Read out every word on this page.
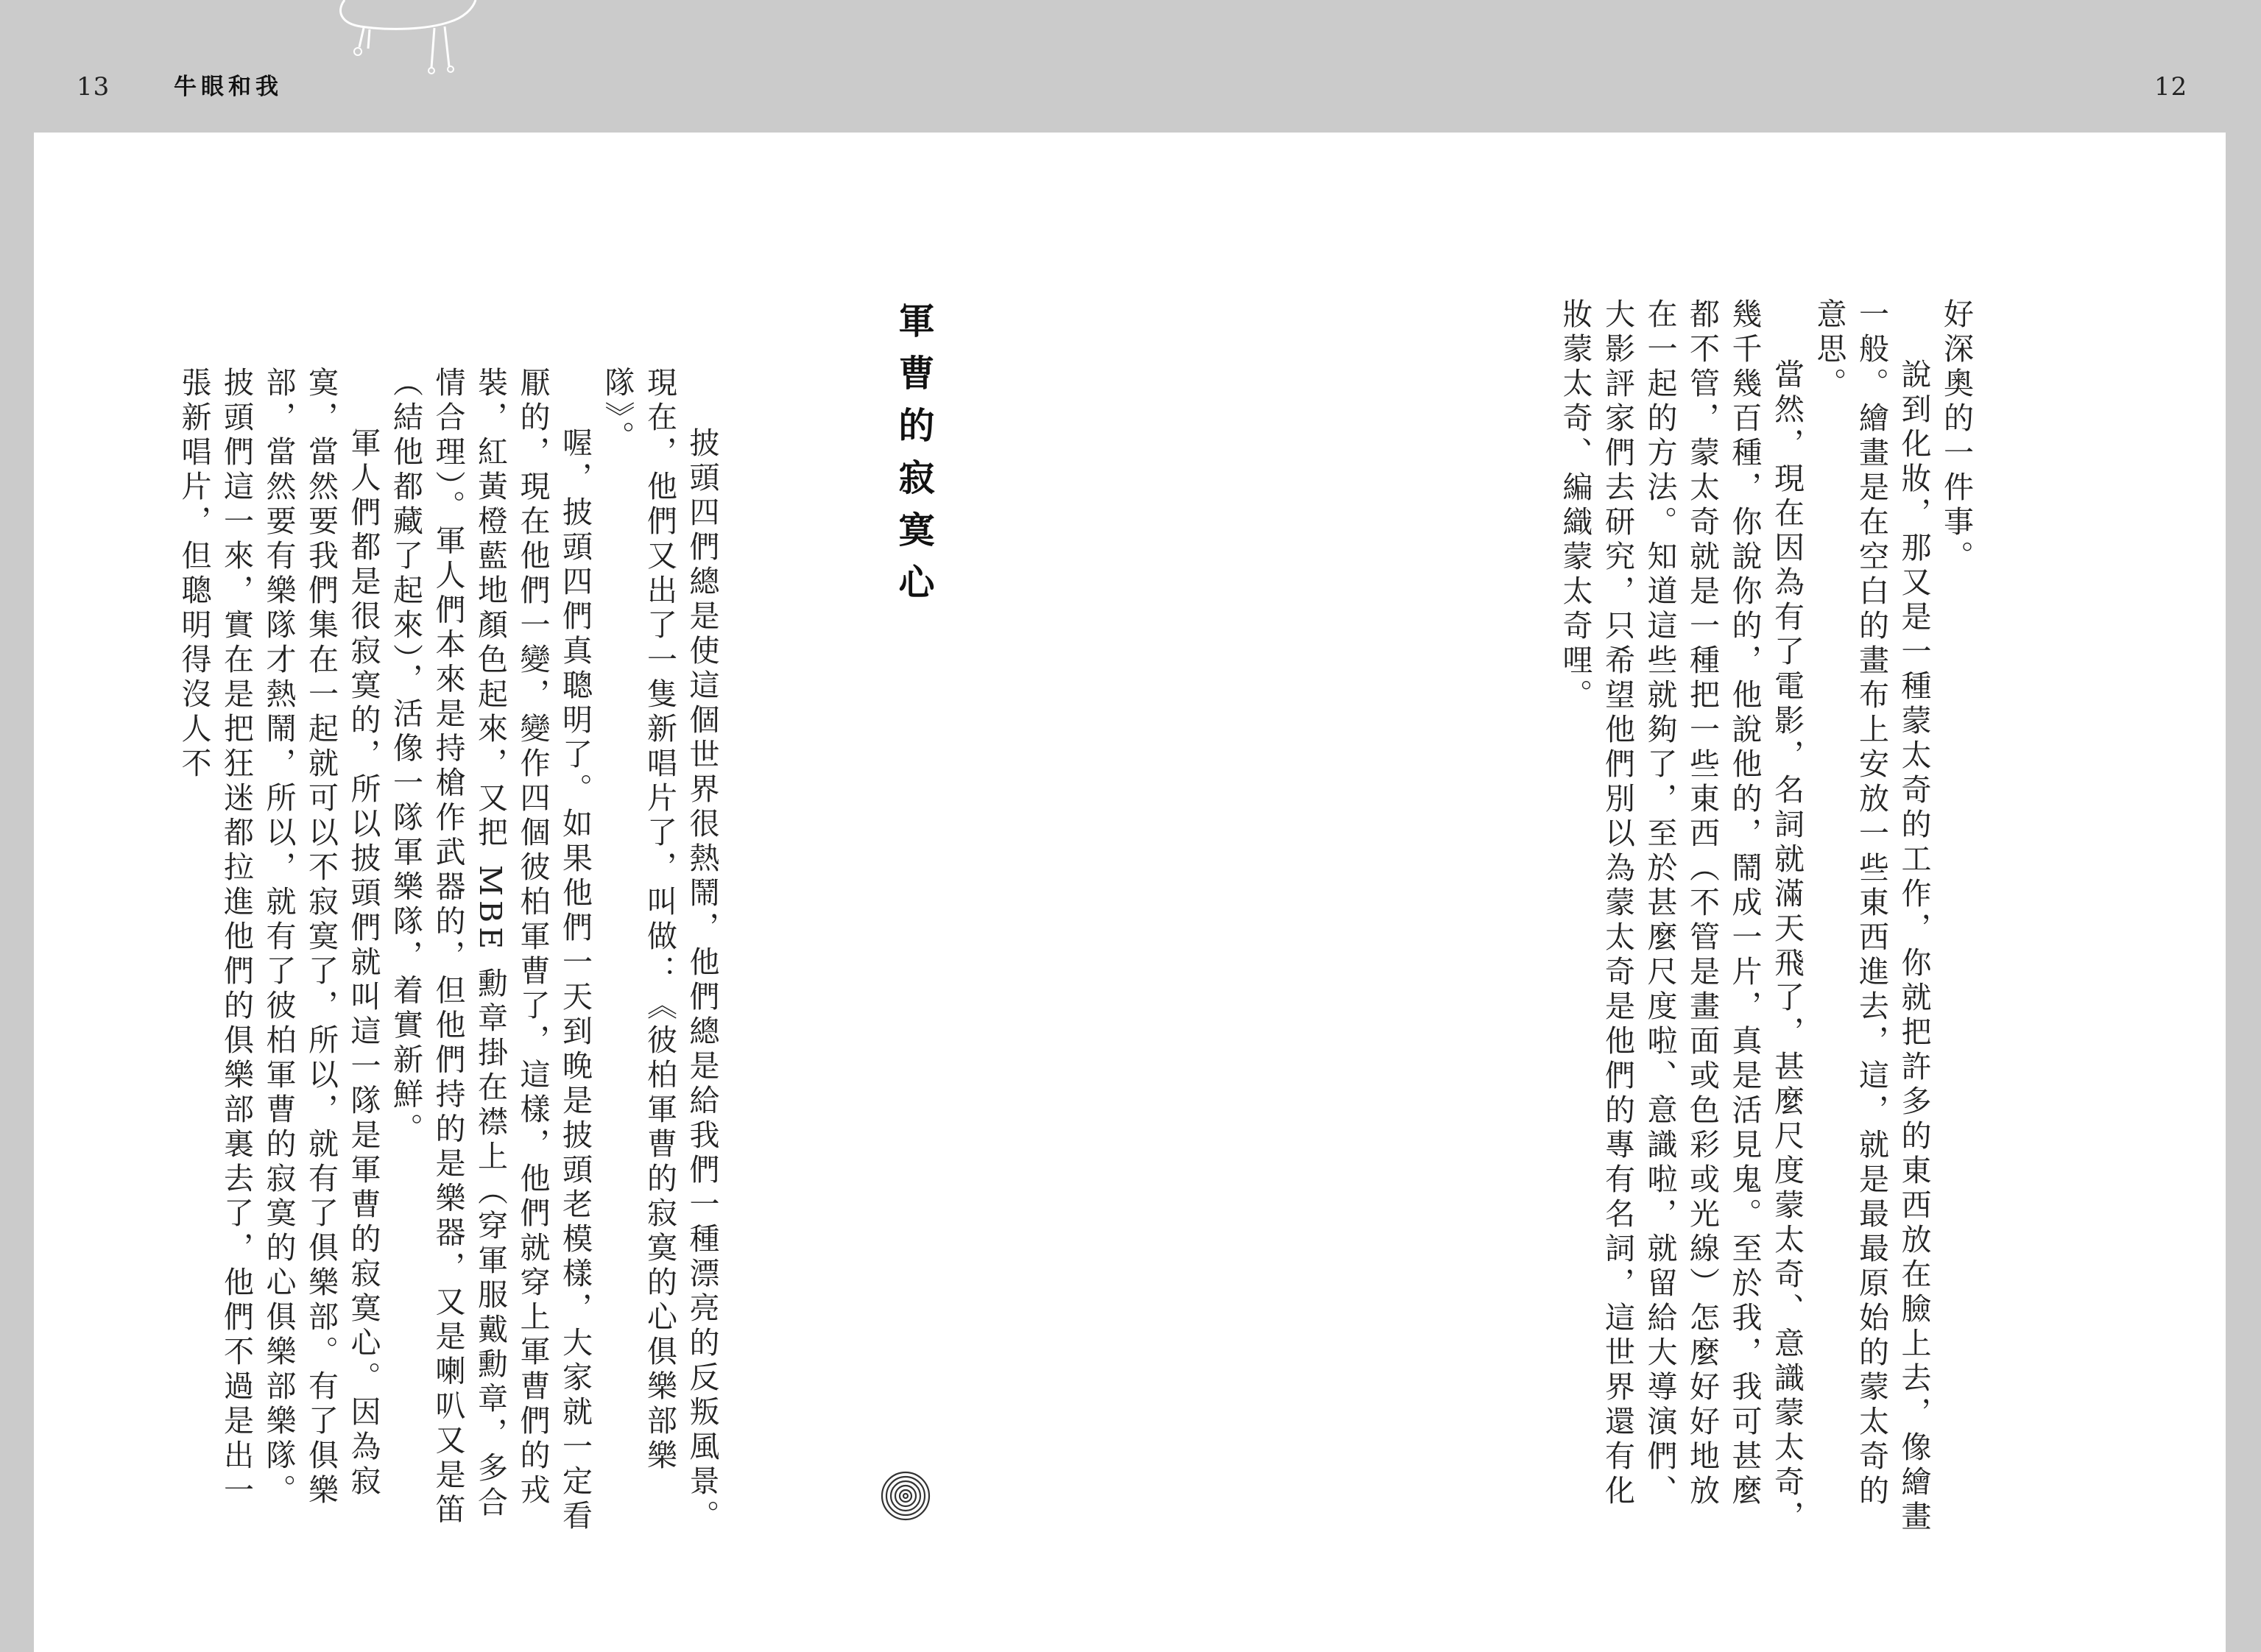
13	牛眼和我	12

好深奧的一件事。

說到化妝，那又是一種蒙太奇的工作，你就把許多的東西放在臉上去，像繪畫一般。繪畫是在空白的畫布上安放一些東西進去，這，就是最最原始的蒙太奇的意思。

當然，現在因為有了電影，名詞就滿天飛了，甚麼尺度蒙太奇、意識蒙太奇，幾千幾百種，你說你的，他說他的，鬧成一片，真是活見鬼。至於我，我可甚麼都不管，蒙太奇就是一種把一些東西（不管是畫面或色彩或光線）怎麼好好地放在一起的方法。知道這些就夠了，至於甚麼尺度啦、意識啦，就留給大導演們、大影評家們去研究，只希望他們別以為蒙太奇是他們的專有名詞，這世界還有化妝蒙太奇、編織蒙太奇哩。

軍曹的寂寞心

披頭四們總是使這個世界很熱鬧，他們總是給我們一種漂亮的反叛風景。現在，他們又出了一隻新唱片了，叫做：《彼柏軍曹的寂寞的心俱樂部樂隊》。

喔，披頭四們真聰明了。如果他們一天到晚是披頭老模樣，大家就一定看厭的，現在他們一變，變作四個彼柏軍曹了，這樣，他們就穿上軍曹們的戎裝，紅黃橙藍地顏色起來，又把 MBE 勳章掛在襟上（穿軍服戴勳章，多合情合理）。軍人們本來是持槍作武器的，但他們持的是樂器，又是喇叭又是笛（結他都藏了起來），活像一隊軍樂隊，着實新鮮。

軍人們都是很寂寞的，所以披頭們就叫這一隊是軍曹的寂寞心。因為寂寞，當然要我們集在一起就可以不寂寞了，所以，就有了俱樂部。有了俱樂部，當然要有樂隊才熱鬧，所以，就有了彼柏軍曹的寂寞的心俱樂部樂隊。披頭們這一來，實在是把狂迷都拉進他們的俱樂部裏去了，他們不過是出一張新唱片，但聰明得沒人不
